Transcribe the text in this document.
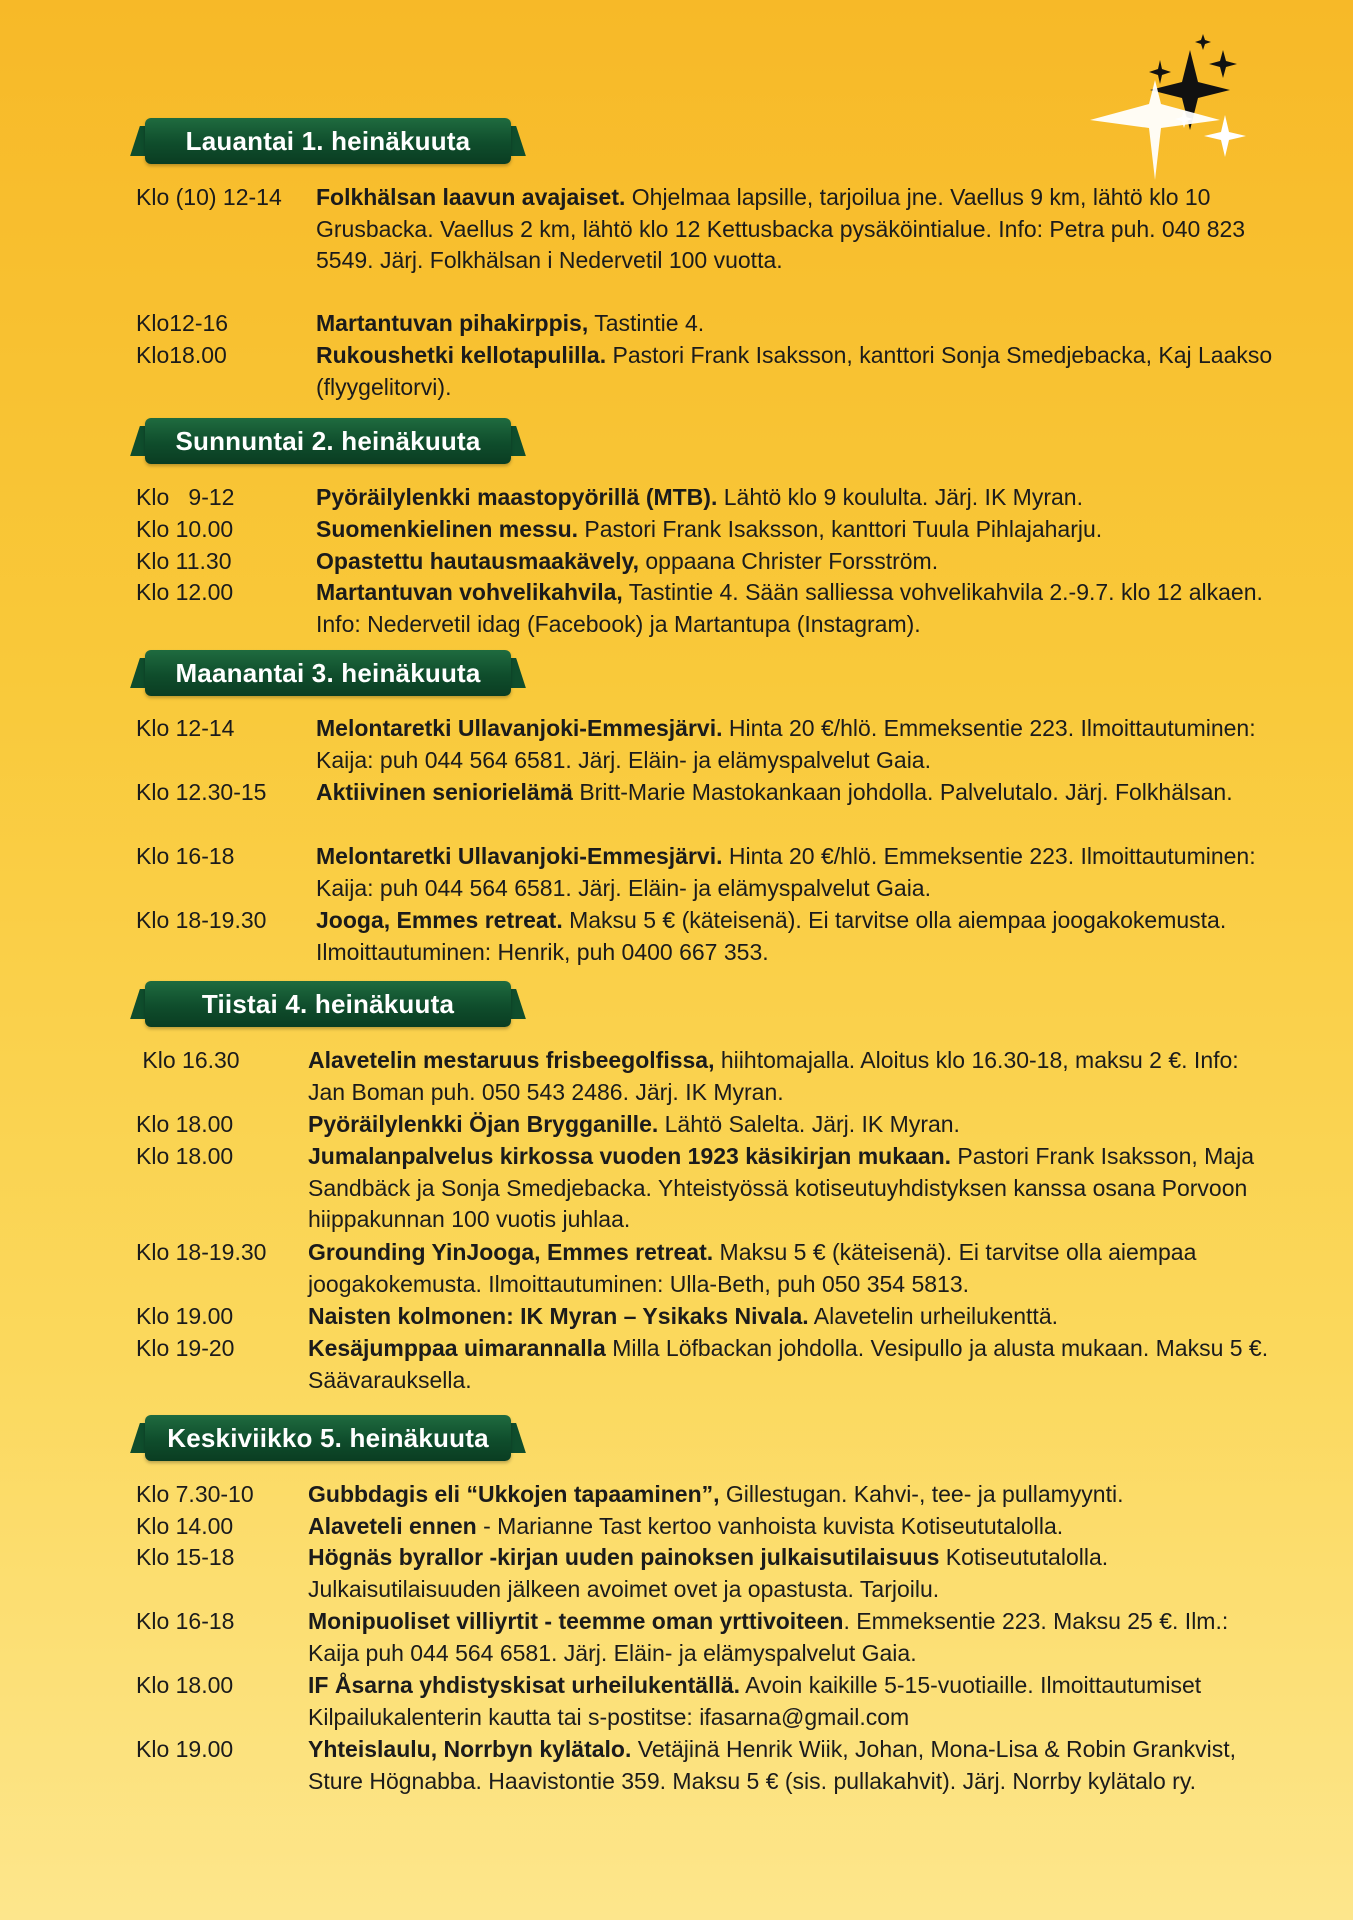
Lauantai 1. heinäkuuta
Klo (10) 12-14 Folkhälsan laavun avajaiset. Ohjelmaa lapsille, tarjoilua jne. Vaellus 9 km, lähtö klo 10 Grusbacka. Vaellus 2 km, lähtö klo 12 Kettusbacka pysäköintialue. Info: Petra puh. 040 823 5549. Järj. Folkhälsan i Nedervetil 100 vuotta.
Klo12-16	Martantuvan pihakirppis, Tastintie 4.
Klo18.00	Rukoushetki kellotapulilla. Pastori Frank Isaksson, kanttori Sonja Smedjebacka, Kaj Laakso (flyygelitorvi).
Sunnuntai 2. heinäkuuta
Klo   9-12	Pyöräilylenkki maastopyörillä (MTB). Lähtö klo 9 koululta. Järj. IK Myran.
Klo 10.00	Suomenkielinen messu. Pastori Frank Isaksson, kanttori Tuula Pihlajaharju.
Klo 11.30	Opastettu hautausmaakävely, oppaana Christer Forsström.
Klo 12.00	Martantuvan vohvelikahvila, Tastintie 4. Sään salliessa vohvelikahvila 2.-9.7. klo 12 alkaen. Info: Nedervetil idag (Facebook) ja Martantupa (Instagram).
Maanantai 3. heinäkuuta
Klo 12-14	Melontaretki Ullavanjoki-Emmesjärvi. Hinta 20 €/hlö. Emmeksentie 223. Ilmoittautuminen: Kaija: puh 044 564 6581. Järj. Eläin- ja elämyspalvelut Gaia.
Klo 12.30-15 Aktiivinen seniorielämä Britt-Marie Mastokankaan johdolla. Palvelutalo. Järj. Folkhälsan.
Klo 16-18	Melontaretki Ullavanjoki-Emmesjärvi. Hinta 20 €/hlö. Emmeksentie 223. Ilmoittautuminen: Kaija: puh 044 564 6581. Järj. Eläin- ja elämyspalvelut Gaia.
Klo 18-19.30 Jooga, Emmes retreat. Maksu 5 € (käteisenä). Ei tarvitse olla aiempaa joogakokemusta. Ilmoittautuminen: Henrik, puh 0400 667 353.
Tiistai 4. heinäkuuta
Klo 16.30	Alavetelin mestaruus frisbeegolfissa, hiihtomajalla. Aloitus klo 16.30-18, maksu 2 €. Info: Jan Boman puh. 050 543 2486. Järj. IK Myran.
Klo 18.00	Pyöräilylenkki Öjan Brygganille. Lähtö Salelta. Järj. IK Myran.
Klo 18.00	Jumalanpalvelus kirkossa vuoden 1923 käsikirjan mukaan. Pastori Frank Isaksson, Maja Sandbäck ja Sonja Smedjebacka. Yhteistyössä kotiseutuyhdistyksen kanssa osana Porvoon hiippakunnan 100 vuotis juhlaa.
Klo 18-19.30 Grounding YinJooga, Emmes retreat. Maksu 5 € (käteisenä). Ei tarvitse olla aiempaa joogakokemusta. Ilmoittautuminen: Ulla-Beth, puh 050 354 5813.
Klo 19.00	Naisten kolmonen: IK Myran – Ysikaks Nivala. Alavetelin urheilukenttä.
Klo 19-20	Kesäjumppaa uimarannalla Milla Löfbackan johdolla. Vesipullo ja alusta mukaan. Maksu 5 €. Säävarauksella.
Keskiviikko 5. heinäkuuta
Klo 7.30-10 Gubbdagis eli “Ukkojen tapaaminen”, Gillestugan. Kahvi-, tee- ja pullamyynti.
Klo 14.00	Alaveteli ennen - Marianne Tast kertoo vanhoista kuvista Kotiseututalolla.
Klo 15-18	Högnäs byrallor -kirjan uuden painoksen julkaisutilaisuus Kotiseututalolla. Julkaisutilaisuuden jälkeen avoimet ovet ja opastusta. Tarjoilu.
Klo 16-18	Monipuoliset villiyrtit - teemme oman yrttivoiteen. Emmeksentie 223. Maksu 25 €. Ilm.: Kaija puh 044 564 6581. Järj. Eläin- ja elämyspalvelut Gaia.
Klo 18.00	IF Åsarna yhdistyskisat urheilukentällä. Avoin kaikille 5-15-vuotiaille. Ilmoittautumiset Kilpailukalenterin kautta tai s-postitse: ifasarna@gmail.com
Klo 19.00	Yhteislaulu, Norrbyn kylätalo. Vetäjinä Henrik Wiik, Johan, Mona-Lisa & Robin Grankvist, Sture Högnabba. Haavistontie 359. Maksu 5 € (sis. pullakahvit). Järj. Norrby kylätalo ry.
